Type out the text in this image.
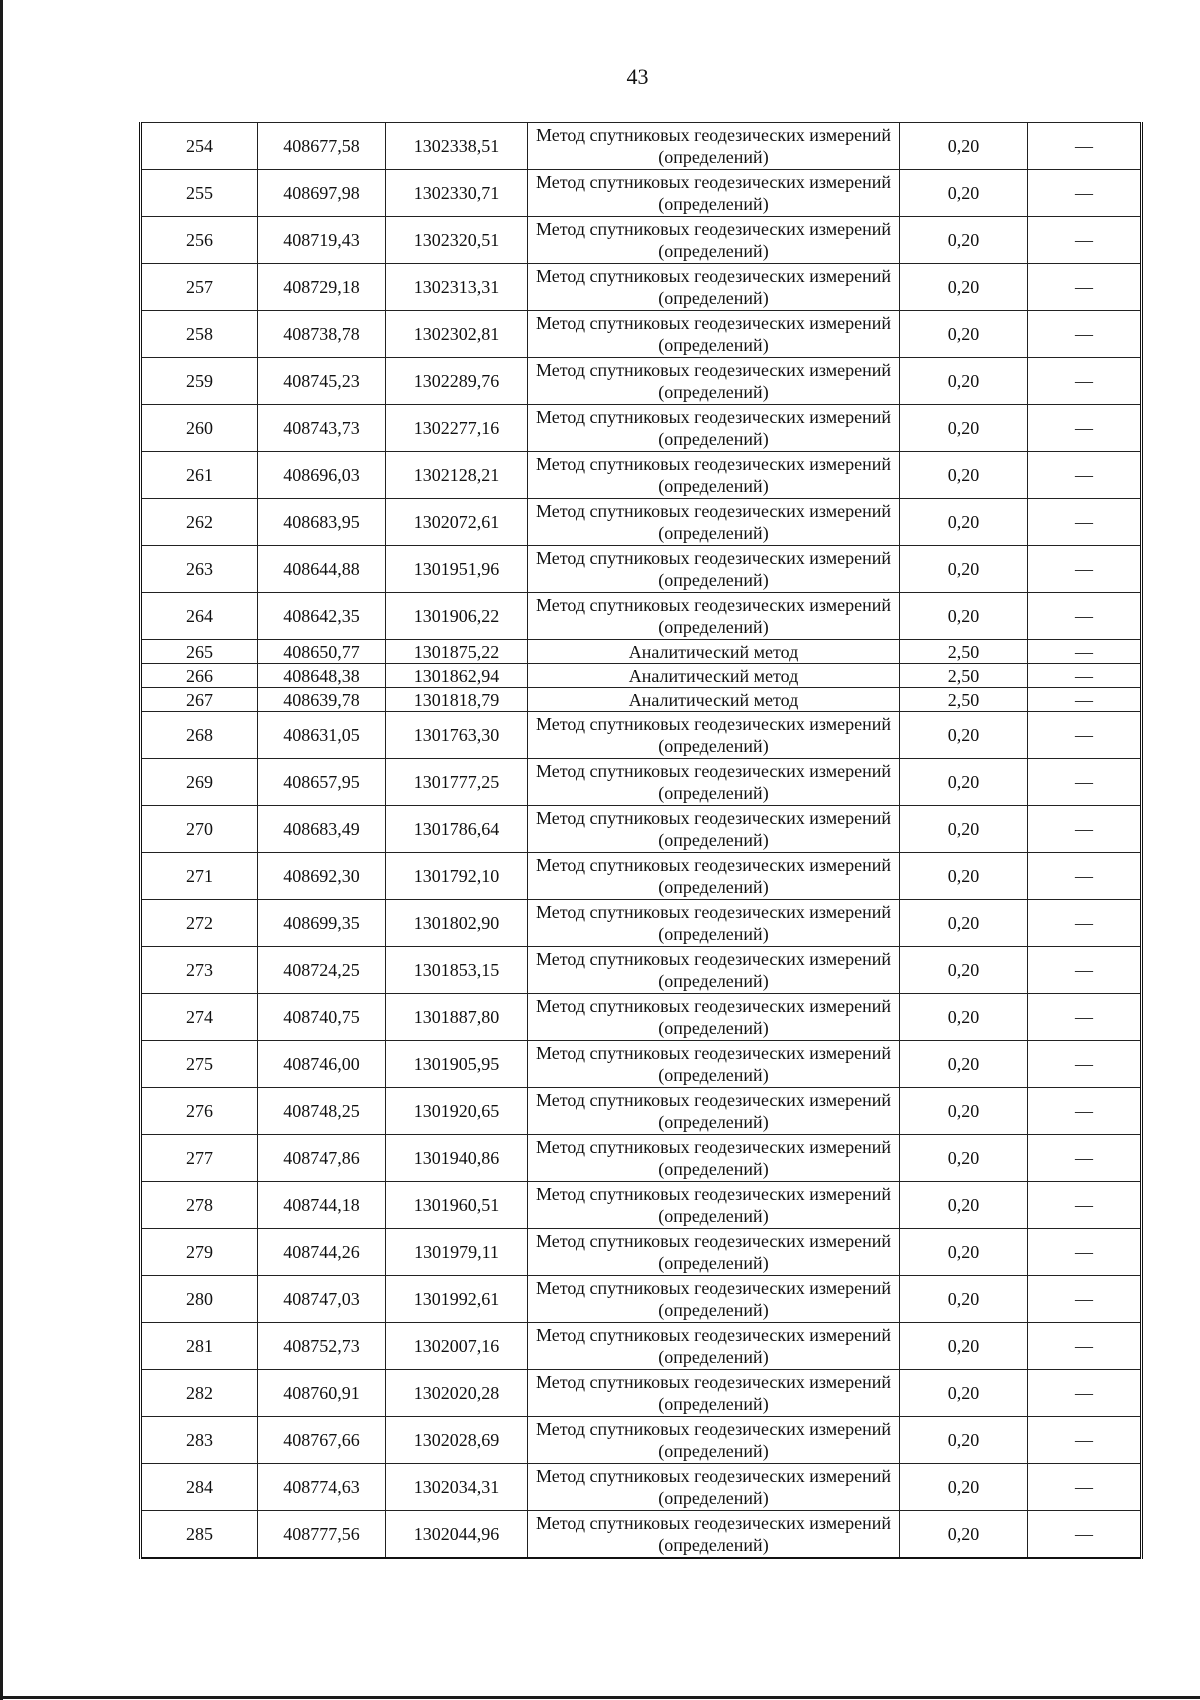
43
254	408677,58	1302338,51	Метод спутниковых геодезических измерений (определений)	0,20	—
255	408697,98	1302330,71	Метод спутниковых геодезических измерений (определений)	0,20	—
256	408719,43	1302320,51	Метод спутниковых геодезических измерений (определений)	0,20	—
257	408729,18	1302313,31	Метод спутниковых геодезических измерений (определений)	0,20	—
258	408738,78	1302302,81	Метод спутниковых геодезических измерений (определений)	0,20	—
259	408745,23	1302289,76	Метод спутниковых геодезических измерений (определений)	0,20	—
260	408743,73	1302277,16	Метод спутниковых геодезических измерений (определений)	0,20	—
261	408696,03	1302128,21	Метод спутниковых геодезических измерений (определений)	0,20	—
262	408683,95	1302072,61	Метод спутниковых геодезических измерений (определений)	0,20	—
263	408644,88	1301951,96	Метод спутниковых геодезических измерений (определений)	0,20	—
264	408642,35	1301906,22	Метод спутниковых геодезических измерений (определений)	0,20	—
265	408650,77	1301875,22	Аналитический метод	2,50	—
266	408648,38	1301862,94	Аналитический метод	2,50	—
267	408639,78	1301818,79	Аналитический метод	2,50	—
268	408631,05	1301763,30	Метод спутниковых геодезических измерений (определений)	0,20	—
269	408657,95	1301777,25	Метод спутниковых геодезических измерений (определений)	0,20	—
270	408683,49	1301786,64	Метод спутниковых геодезических измерений (определений)	0,20	—
271	408692,30	1301792,10	Метод спутниковых геодезических измерений (определений)	0,20	—
272	408699,35	1301802,90	Метод спутниковых геодезических измерений (определений)	0,20	—
273	408724,25	1301853,15	Метод спутниковых геодезических измерений (определений)	0,20	—
274	408740,75	1301887,80	Метод спутниковых геодезических измерений (определений)	0,20	—
275	408746,00	1301905,95	Метод спутниковых геодезических измерений (определений)	0,20	—
276	408748,25	1301920,65	Метод спутниковых геодезических измерений (определений)	0,20	—
277	408747,86	1301940,86	Метод спутниковых геодезических измерений (определений)	0,20	—
278	408744,18	1301960,51	Метод спутниковых геодезических измерений (определений)	0,20	—
279	408744,26	1301979,11	Метод спутниковых геодезических измерений (определений)	0,20	—
280	408747,03	1301992,61	Метод спутниковых геодезических измерений (определений)	0,20	—
281	408752,73	1302007,16	Метод спутниковых геодезических измерений (определений)	0,20	—
282	408760,91	1302020,28	Метод спутниковых геодезических измерений (определений)	0,20	—
283	408767,66	1302028,69	Метод спутниковых геодезических измерений (определений)	0,20	—
284	408774,63	1302034,31	Метод спутниковых геодезических измерений (определений)	0,20	—
285	408777,56	1302044,96	Метод спутниковых геодезических измерений (определений)	0,20	—
